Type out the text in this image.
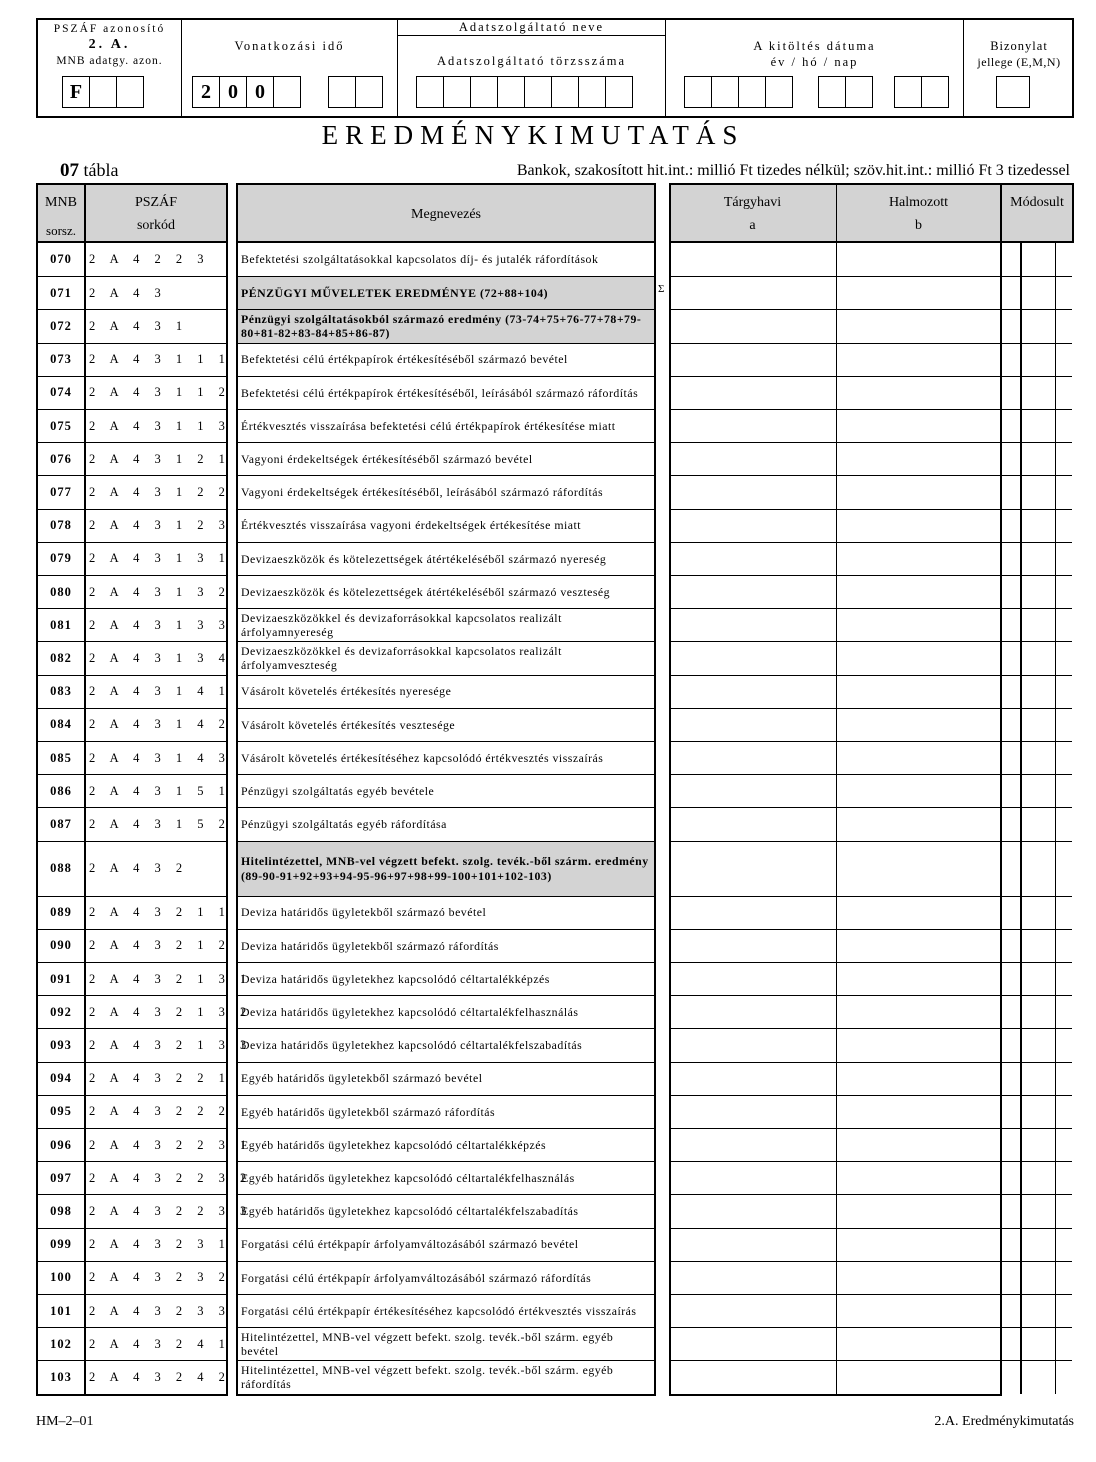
PSZÁF azonosító
2. A.
MNB adatgy. azon.
F
Vonatkozási idő
2 0 0
Adatszolgáltató neve
Adatszolgáltató törzsszáma
A kitöltés dátuma
év / hó / nap
Bizonylat
jellege (E,M,N)
EREDMÉNYKIMUTATÁS
07 tábla	Bankok, szakosított hit.int.: millió Ft tizedes nélkül; szöv.hit.int.: millió Ft 3 tizedessel
MNB
sorsz.
070
071
072
073
074
075
076
077
078
079
080
081
082
083
084
085
086
087
088
089
090
091
092
093
094
095
096
097
098
099
100
101
102
103
PSZÁF
sorkód
2 A 4 2 2 3
2 A 4 3
2 A 4 3 1
2 A 4 3 1 1 1
2 A 4 3 1 1 2
2 A 4 3 1 1 3
2 A 4 3 1 2 1
2 A 4 3 1 2 2
2 A 4 3 1 2 3
2 A 4 3 1 3 1
2 A 4 3 1 3 2
2 A 4 3 1 3 3
2 A 4 3 1 3 4
2 A 4 3 1 4 1
2 A 4 3 1 4 2
2 A 4 3 1 4 3
2 A 4 3 1 5 1
2 A 4 3 1 5 2
2 A 4 3 2
2 A 4 3 2 1 1
2 A 4 3 2 1 2
2 A 4 3 2 1 3 1
2 A 4 3 2 1 3 2
2 A 4 3 2 1 3 3
2 A 4 3 2 2 1
2 A 4 3 2 2 2
2 A 4 3 2 2 3 1
2 A 4 3 2 2 3 2
2 A 4 3 2 2 3 3
2 A 4 3 2 3 1
2 A 4 3 2 3 2
2 A 4 3 2 3 3
2 A 4 3 2 4 1
2 A 4 3 2 4 2
Megnevezés
Befektetési szolgáltatásokkal kapcsolatos díj- és jutalék ráfordítások
PÉNZÜGYI MŰVELETEK EREDMÉNYE (72+88+104)
Pénzügyi szolgáltatásokból származó eredmény (73-74+75+76-77+78+79-80+81-82+83-84+85+86-87)
Befektetési célú értékpapírok értékesítéséből származó bevétel
Befektetési célú értékpapírok értékesítéséből, leírásából származó ráfordítás
Értékvesztés visszaírása befektetési célú értékpapírok értékesítése miatt
Vagyoni érdekeltségek értékesítéséből származó bevétel
Vagyoni érdekeltségek értékesítéséből, leírásából származó ráfordítás
Értékvesztés visszaírása vagyoni érdekeltségek értékesítése miatt
Devizaeszközök és kötelezettségek átértékeléséből származó nyereség
Devizaeszközök és kötelezettségek átértékeléséből származó veszteség
Devizaeszközökkel és devizaforrásokkal kapcsolatos realizált árfolyamnyereség
Devizaeszközökkel és devizaforrásokkal kapcsolatos realizált árfolyamveszteség
Vásárolt követelés értékesítés nyeresége
Vásárolt követelés értékesítés vesztesége
Vásárolt követelés értékesítéséhez kapcsolódó értékvesztés visszaírás
Pénzügyi szolgáltatás egyéb bevétele
Pénzügyi szolgáltatás egyéb ráfordítása
Hitelintézettel, MNB-vel végzett befekt. szolg. tevék.-ből szárm. eredmény (89-90-91+92+93+94-95-96+97+98+99-100+101+102-103)
Deviza határidős ügyletekből származó bevétel
Deviza határidős ügyletekből származó ráfordítás
Deviza határidős ügyletekhez kapcsolódó céltartalékképzés
Deviza határidős ügyletekhez kapcsolódó céltartalékfelhasználás
Deviza határidős ügyletekhez kapcsolódó céltartalékfelszabadítás
Egyéb határidős ügyletekből származó bevétel
Egyéb határidős ügyletekből származó ráfordítás
Egyéb határidős ügyletekhez kapcsolódó céltartalékképzés
Egyéb határidős ügyletekhez kapcsolódó céltartalékfelhasználás
Egyéb határidős ügyletekhez kapcsolódó céltartalékfelszabadítás
Forgatási célú értékpapír árfolyamváltozásából származó bevétel
Forgatási célú értékpapír árfolyamváltozásából származó ráfordítás
Forgatási célú értékpapír értékesítéséhez kapcsolódó értékvesztés visszaírás
Hitelintézettel, MNB-vel végzett befekt. szolg. tevék.-ből szárm. egyéb bevétel
Hitelintézettel, MNB-vel végzett befekt. szolg. tevék.-ből szárm. egyéb ráfordítás
Tárgyhavi
a
Halmozott
b
Módosult
Σ
HM–2–01	2.A. Eredménykimutatás
